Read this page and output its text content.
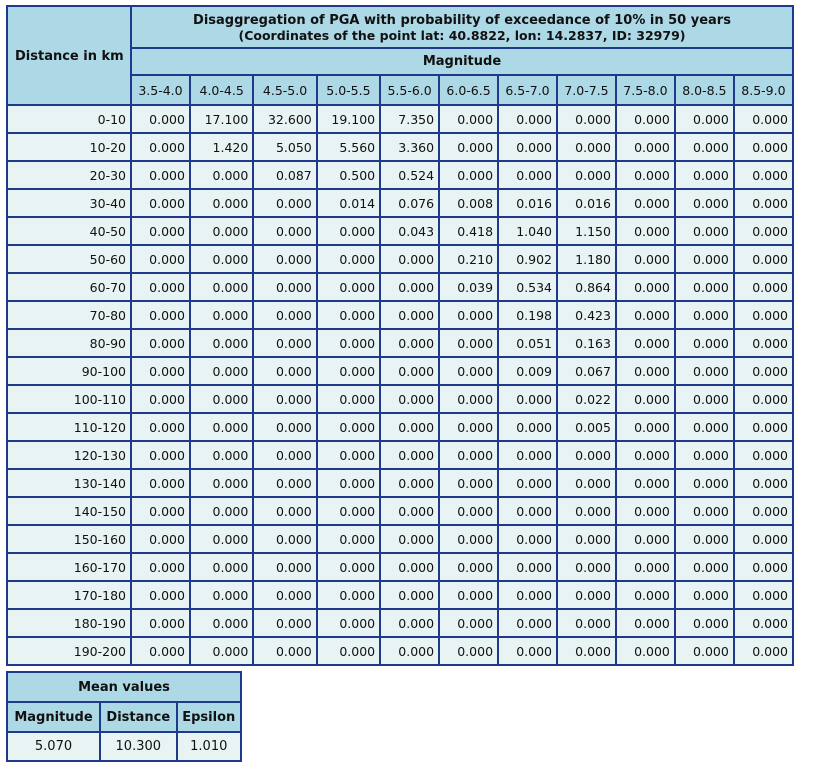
Distance in km	Disaggregation of PGA with probability of exceedance of 10% in 50 years
(Coordinates of the point lat: 40.8822, lon: 14.2837, ID: 32979)										

	Magnitude										
	3.5-4.0	4.0-4.5	4.5-5.0	5.0-5.5	5.5-6.0	6.0-6.5	6.5-7.0	7.0-7.5	7.5-8.0	8.0-8.5	8.5-9.0
0-10	0.000	17.100	32.600	19.100	7.350	0.000	0.000	0.000	0.000	0.000	0.000
10-20	0.000	1.420	5.050	5.560	3.360	0.000	0.000	0.000	0.000	0.000	0.000
20-30	0.000	0.000	0.087	0.500	0.524	0.000	0.000	0.000	0.000	0.000	0.000
30-40	0.000	0.000	0.000	0.014	0.076	0.008	0.016	0.016	0.000	0.000	0.000
40-50	0.000	0.000	0.000	0.000	0.043	0.418	1.040	1.150	0.000	0.000	0.000
50-60	0.000	0.000	0.000	0.000	0.000	0.210	0.902	1.180	0.000	0.000	0.000
60-70	0.000	0.000	0.000	0.000	0.000	0.039	0.534	0.864	0.000	0.000	0.000
70-80	0.000	0.000	0.000	0.000	0.000	0.000	0.198	0.423	0.000	0.000	0.000
80-90	0.000	0.000	0.000	0.000	0.000	0.000	0.051	0.163	0.000	0.000	0.000
90-100	0.000	0.000	0.000	0.000	0.000	0.000	0.009	0.067	0.000	0.000	0.000
100-110	0.000	0.000	0.000	0.000	0.000	0.000	0.000	0.022	0.000	0.000	0.000
110-120	0.000	0.000	0.000	0.000	0.000	0.000	0.000	0.005	0.000	0.000	0.000
120-130	0.000	0.000	0.000	0.000	0.000	0.000	0.000	0.000	0.000	0.000	0.000
130-140	0.000	0.000	0.000	0.000	0.000	0.000	0.000	0.000	0.000	0.000	0.000
140-150	0.000	0.000	0.000	0.000	0.000	0.000	0.000	0.000	0.000	0.000	0.000
150-160	0.000	0.000	0.000	0.000	0.000	0.000	0.000	0.000	0.000	0.000	0.000
160-170	0.000	0.000	0.000	0.000	0.000	0.000	0.000	0.000	0.000	0.000	0.000
170-180	0.000	0.000	0.000	0.000	0.000	0.000	0.000	0.000	0.000	0.000	0.000
180-190	0.000	0.000	0.000	0.000	0.000	0.000	0.000	0.000	0.000	0.000	0.000
190-200	0.000	0.000	0.000	0.000	0.000	0.000	0.000	0.000	0.000	0.000	0.000
Mean values		
Magnitude	Distance	Epsilon
5.070	10.300	1.010
